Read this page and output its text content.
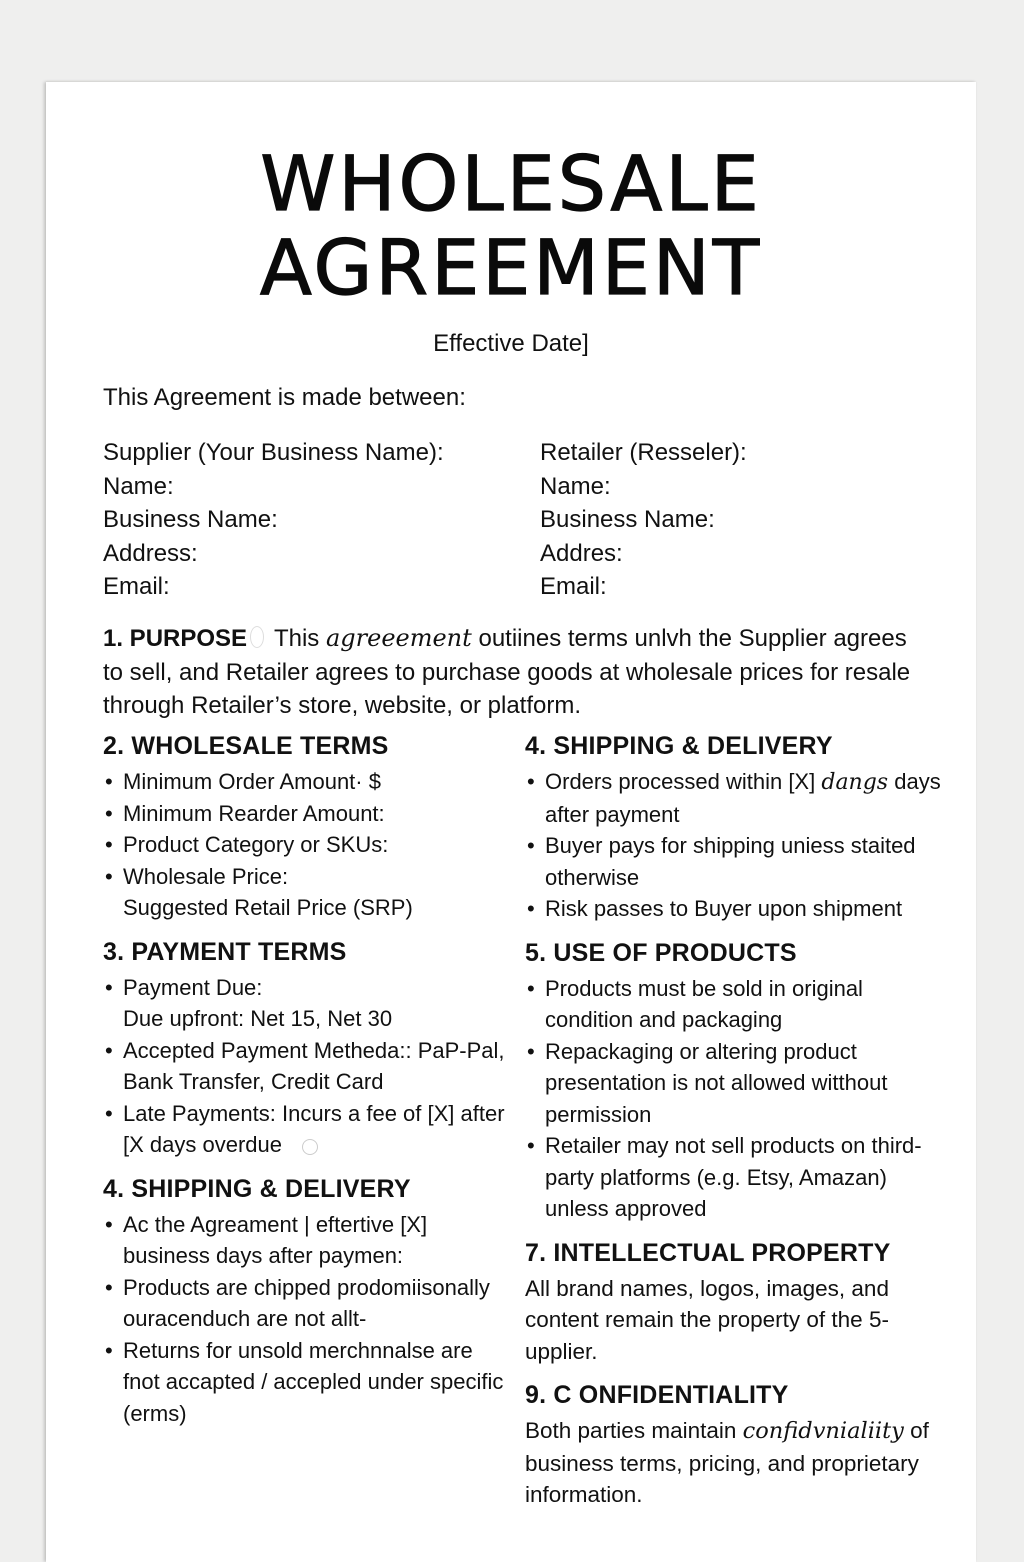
WHOLESALE
AGREEMENT
Effective Date]
This Agreement is made between:
Supplier (Your Business Name):
Name:
Business Name:
Address:
Email:
Retailer (Resseler):
Name:
Business Name:
Addres:
Email:
1. PURPOSE This agreeement outiines terms unlvh the Supplier agrees to sell, and Retailer agrees to purchase goods at wholesale prices for resale through Retailer’s store, website, or platform.
2. WHOLESALE TERMS
• Minimum Order Amount· $
• Minimum Rearder Amount:
• Product Category or SKUs:
• Wholesale Price:
Suggested Retail Price (SRP)
3. PAYMENT TERMS
• Payment Due:
Due upfront: Net 15, Net 30
• Accepted Payment Metheda:: PaP-Pal, Bank Transfer, Credit Card
• Late Payments: Incurs a fee of [X] after [X days overdue
4. SHIPPING & DELIVERY
• Ac the Agreament | eftertive [X] business days after paymen:
• Products are chipped prodomiisonally ouracenduch are not allt-
• Returns for unsold merchnnalse are fnot accapted / accepled under specific (erms)
4. SHIPPING & DELIVERY
• Orders processed within [X] dangs days after payment
• Buyer pays for shipping uniess staited otherwise
• Risk passes to Buyer upon shipment
5. USE OF PRODUCTS
• Products must be sold in original condition and packaging
• Repackaging or altering product presentation is not allowed witthout permission
• Retailer may not sell products on third-party platforms (e.g. Etsy, Amazan) unless approved
7. INTELLECTUAL PROPERTY

All brand names, logos, images, and content remain the property of the 5-upplier.

9. C ONFIDENTIALITY

Both parties maintain confidvnialiity of business terms, pricing, and proprietary information.
